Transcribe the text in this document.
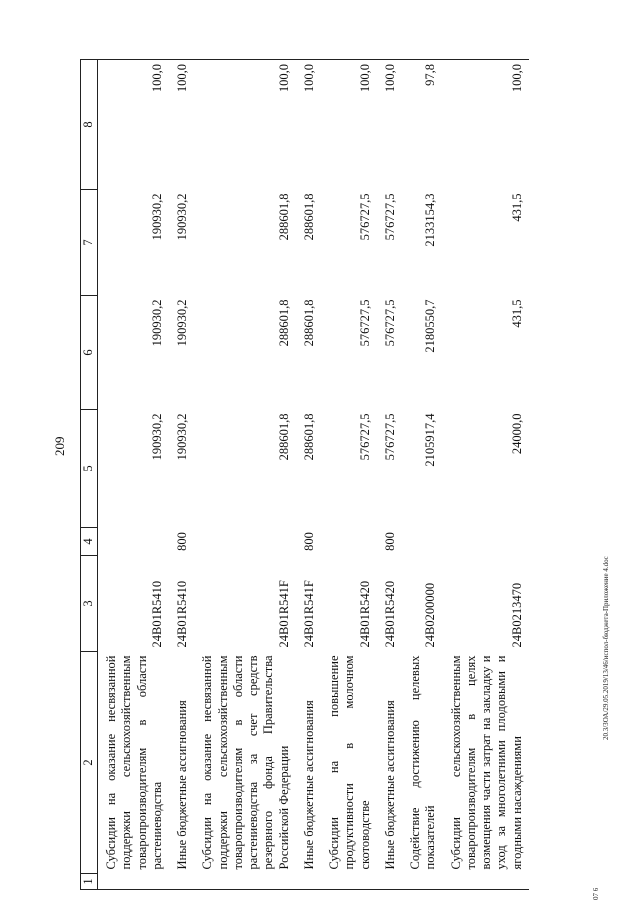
209
20.3/ЗОА/29.05.2019/13/46/испол-бюджета-Приложение 4.doc
07 6
1	2	3	4	5	6	7	8
	Субсидии на оказание несвязанной поддержки сельскохозяйственным товаропроизводителям в области растениеводства	24В01R5410		190930,2	190930,2	190930,2	100,0
	Иные бюджетные ассигнования	24В01R5410	800	190930,2	190930,2	190930,2	100,0
	Субсидии на оказание несвязанной поддержки сельскохозяйственным товаропроизводителям в области растениеводства за счет средств резервного фонда Правительства Российской Федерации	24В01R541F		288601,8	288601,8	288601,8	100,0
	Иные бюджетные ассигнования	24В01R541F	800	288601,8	288601,8	288601,8	100,0
	Субсидии на повышение продуктивности в молочном скотоводстве	24В01R5420		576727,5	576727,5	576727,5	100,0
	Иные бюджетные ассигнования	24В01R5420	800	576727,5	576727,5	576727,5	100,0
	Содействие достижению целевых показателей	24В0200000		2105917,4	2180550,7	2133154,3	97,8
	Субсидии сельскохозяйственным товаропроизводителям в целях возмещения части затрат на закладку и уход за многолетними плодовыми и ягодными насаждениями	24В0213470		24000,0	431,5	431,5	100,0
